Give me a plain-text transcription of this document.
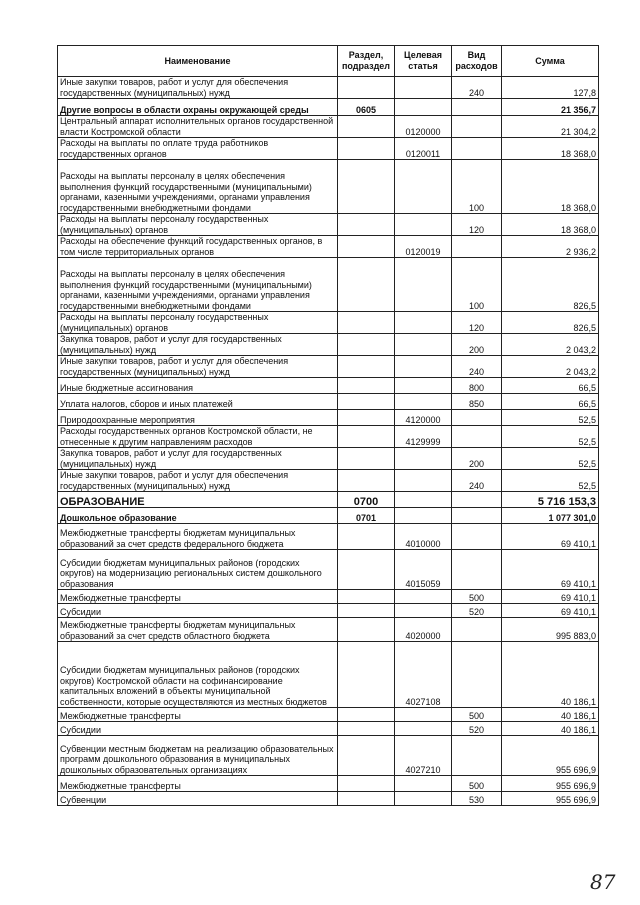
Наименование	Раздел, подраздел	Целевая статья	Вид расходов	Сумма
Иные закупки товаров, работ и услуг для обеспечения государственных (муниципальных) нужд			240	127,8
Другие вопросы в области охраны окружающей среды	0605			21 356,7
Центральный аппарат исполнительных органов государственной власти Костромской области		0120000		21 304,2
Расходы на выплаты по оплате труда работников государственных органов		0120011		18 368,0
Расходы на выплаты персоналу в целях обеспечения выполнения функций государственными (муниципальными) органами, казенными учреждениями, органами управления государственными внебюджетными фондами			100	18 368,0
Расходы на выплаты персоналу государственных (муниципальных) органов			120	18 368,0
Расходы на обеспечение функций государственных органов, в том числе территориальных органов		0120019		2 936,2
Расходы на выплаты персоналу в целях обеспечения выполнения функций государственными (муниципальными) органами, казенными учреждениями, органами управления государственными внебюджетными фондами			100	826,5
Расходы на выплаты персоналу государственных (муниципальных) органов			120	826,5
Закупка товаров, работ и услуг для государственных (муниципальных) нужд			200	2 043,2
Иные закупки товаров, работ и услуг для обеспечения государственных (муниципальных) нужд			240	2 043,2
Иные бюджетные ассигнования			800	66,5
Уплата налогов, сборов и иных платежей			850	66,5
Природоохранные мероприятия		4120000		52,5
Расходы государственных органов Костромской области, не отнесенные к другим направлениям расходов		4129999		52,5
Закупка товаров, работ и услуг для государственных (муниципальных) нужд			200	52,5
Иные закупки товаров, работ и услуг для обеспечения государственных (муниципальных) нужд			240	52,5
ОБРАЗОВАНИЕ	0700			5 716 153,3
Дошкольное образование	0701			1 077 301,0
Межбюджетные трансферты бюджетам муниципальных образований за счет средств федерального бюджета		4010000		69 410,1
Субсидии бюджетам муниципальных районов (городских округов) на модернизацию региональных систем дошкольного образования		4015059		69 410,1
Межбюджетные трансферты			500	69 410,1
Субсидии			520	69 410,1
Межбюджетные трансферты бюджетам муниципальных образований за счет средств областного бюджета		4020000		995 883,0
Субсидии бюджетам муниципальных районов (городских округов) Костромской области на софинансирование капитальных вложений в объекты муниципальной собственности, которые осуществляются из местных бюджетов		4027108		40 186,1
Межбюджетные трансферты			500	40 186,1
Субсидии			520	40 186,1
Субвенции местным бюджетам на реализацию образовательных программ дошкольного образования в муниципальных дошкольных образовательных организациях		4027210		955 696,9
Межбюджетные трансферты			500	955 696,9
Субвенции			530	955 696,9
87
